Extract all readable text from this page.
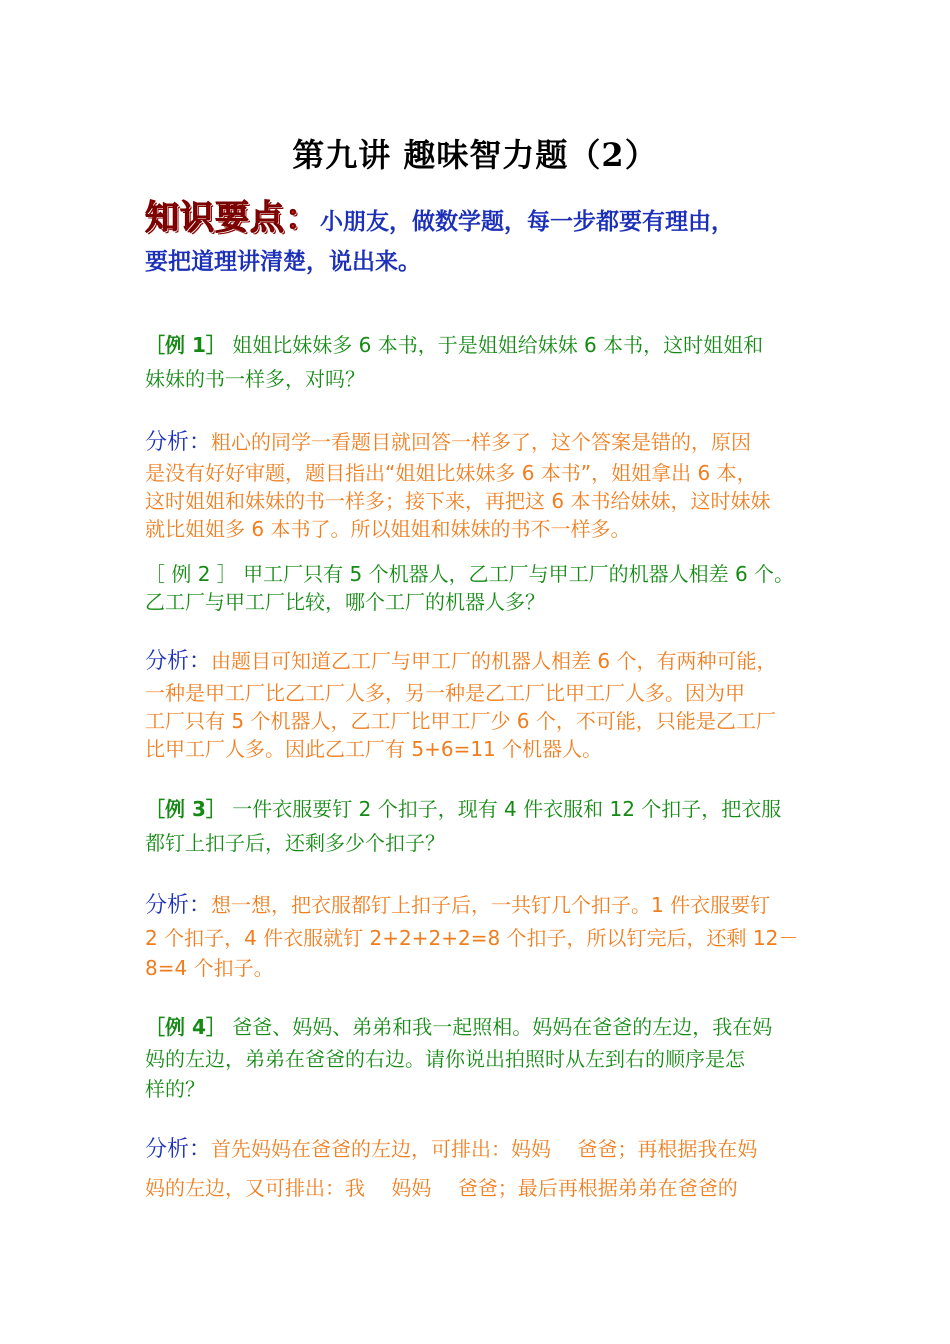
第九讲 趣味智力题（2）
知识要点：小朋友，做数学题，每一步都要有理由，
要把道理讲清楚，说出来。
［例 1］ 姐姐比妹妹多 6 本书，于是姐姐给妹妹 6 本书，这时姐姐和
妹妹的书一样多，对吗？
分析：粗心的同学一看题目就回答一样多了，这个答案是错的，原因
是没有好好审题，题目指出“姐姐比妹妹多 6 本书”，姐姐拿出 6 本，
这时姐姐和妹妹的书一样多；接下来，再把这 6 本书给妹妹，这时妹妹
就比姐姐多 6 本书了。所以姐姐和妹妹的书不一样多。
［ 例 2 ］ 甲工厂只有 5 个机器人，乙工厂与甲工厂的机器人相差 6 个。
乙工厂与甲工厂比较，哪个工厂的机器人多？
分析：由题目可知道乙工厂与甲工厂的机器人相差 6 个，有两种可能，
一种是甲工厂比乙工厂人多，另一种是乙工厂比甲工厂人多。因为甲
工厂只有 5 个机器人，乙工厂比甲工厂少 6 个，不可能，只能是乙工厂
比甲工厂人多。因此乙工厂有 5+6=11 个机器人。
［例 3］ 一件衣服要钉 2 个扣子，现有 4 件衣服和 12 个扣子，把衣服
都钉上扣子后，还剩多少个扣子？
分析：想一想，把衣服都钉上扣子后，一共钉几个扣子。1 件衣服要钉
2 个扣子，4 件衣服就钉 2+2+2+2=8 个扣子，所以钉完后，还剩 12－
8=4 个扣子。
［例 4］ 爸爸、妈妈、弟弟和我一起照相。妈妈在爸爸的左边，我在妈
妈的左边，弟弟在爸爸的右边。请你说出拍照时从左到右的顺序是怎
样的？
分析：首先妈妈在爸爸的左边，可排出：妈妈　 爸爸；再根据我在妈
妈的左边，又可排出：我　 妈妈　 爸爸；最后再根据弟弟在爸爸的
